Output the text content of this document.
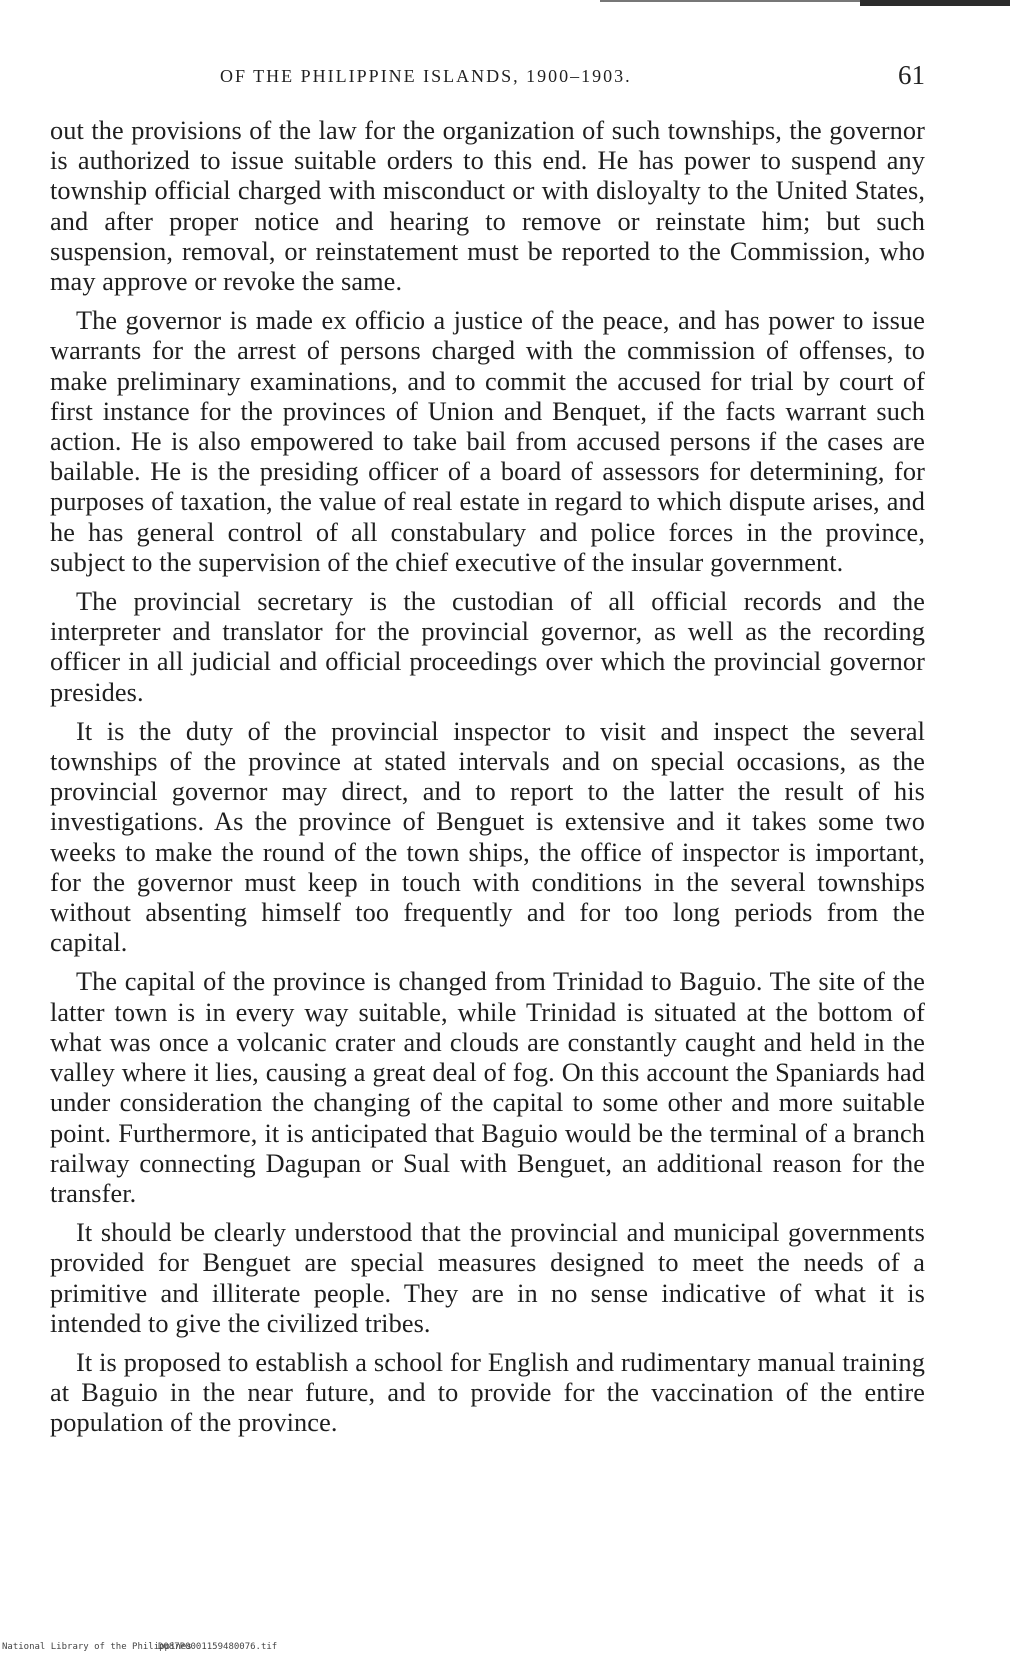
OF THE PHILIPPINE ISLANDS, 1900–1903.	61

out the provisions of the law for the organization of such townships, the governor is authorized to issue suitable orders to this end. He has power to suspend any township official charged with misconduct or with disloyalty to the United States, and after proper notice and hearing to remove or reinstate him; but such suspension, removal, or reinstatement must be reported to the Commission, who may approve or revoke the same.

The governor is made ex officio a justice of the peace, and has power to issue warrants for the arrest of persons charged with the commission of offenses, to make preliminary examinations, and to commit the accused for trial by court of first instance for the provinces of Union and Benquet, if the facts warrant such action. He is also empowered to take bail from accused persons if the cases are bailable. He is the presiding officer of a board of assessors for determining, for purposes of taxation, the value of real estate in regard to which dispute arises, and he has general control of all constabulary and police forces in the province, subject to the supervision of the chief executive of the insular government.

The provincial secretary is the custodian of all official records and the interpreter and translator for the provincial governor, as well as the recording officer in all judicial and official proceedings over which the provincial governor presides.

It is the duty of the provincial inspector to visit and inspect the several townships of the province at stated intervals and on special occasions, as the provincial governor may direct, and to report to the latter the result of his investigations. As the province of Benguet is extensive and it takes some two weeks to make the round of the town ships, the office of inspector is important, for the governor must keep in touch with conditions in the several townships without absenting himself too frequently and for too long periods from the capital.

The capital of the province is changed from Trinidad to Baguio. The site of the latter town is in every way suitable, while Trinidad is situated at the bottom of what was once a volcanic crater and clouds are constantly caught and held in the valley where it lies, causing a great deal of fog. On this account the Spaniards had under consideration the changing of the capital to some other and more suitable point. Furthermore, it is anticipated that Baguio would be the terminal of a branch railway connecting Dagupan or Sual with Benguet, an additional reason for the transfer.

It should be clearly understood that the provincial and municipal governments provided for Benguet are special measures designed to meet the needs of a primitive and illiterate people. They are in no sense indicative of what it is intended to give the civilized tribes.

It is proposed to establish a school for English and rudimentary manual training at Baguio in the near future, and to provide for the vaccination of the entire population of the province.

National Library of the Philippines
D087P0001159480076.tif
